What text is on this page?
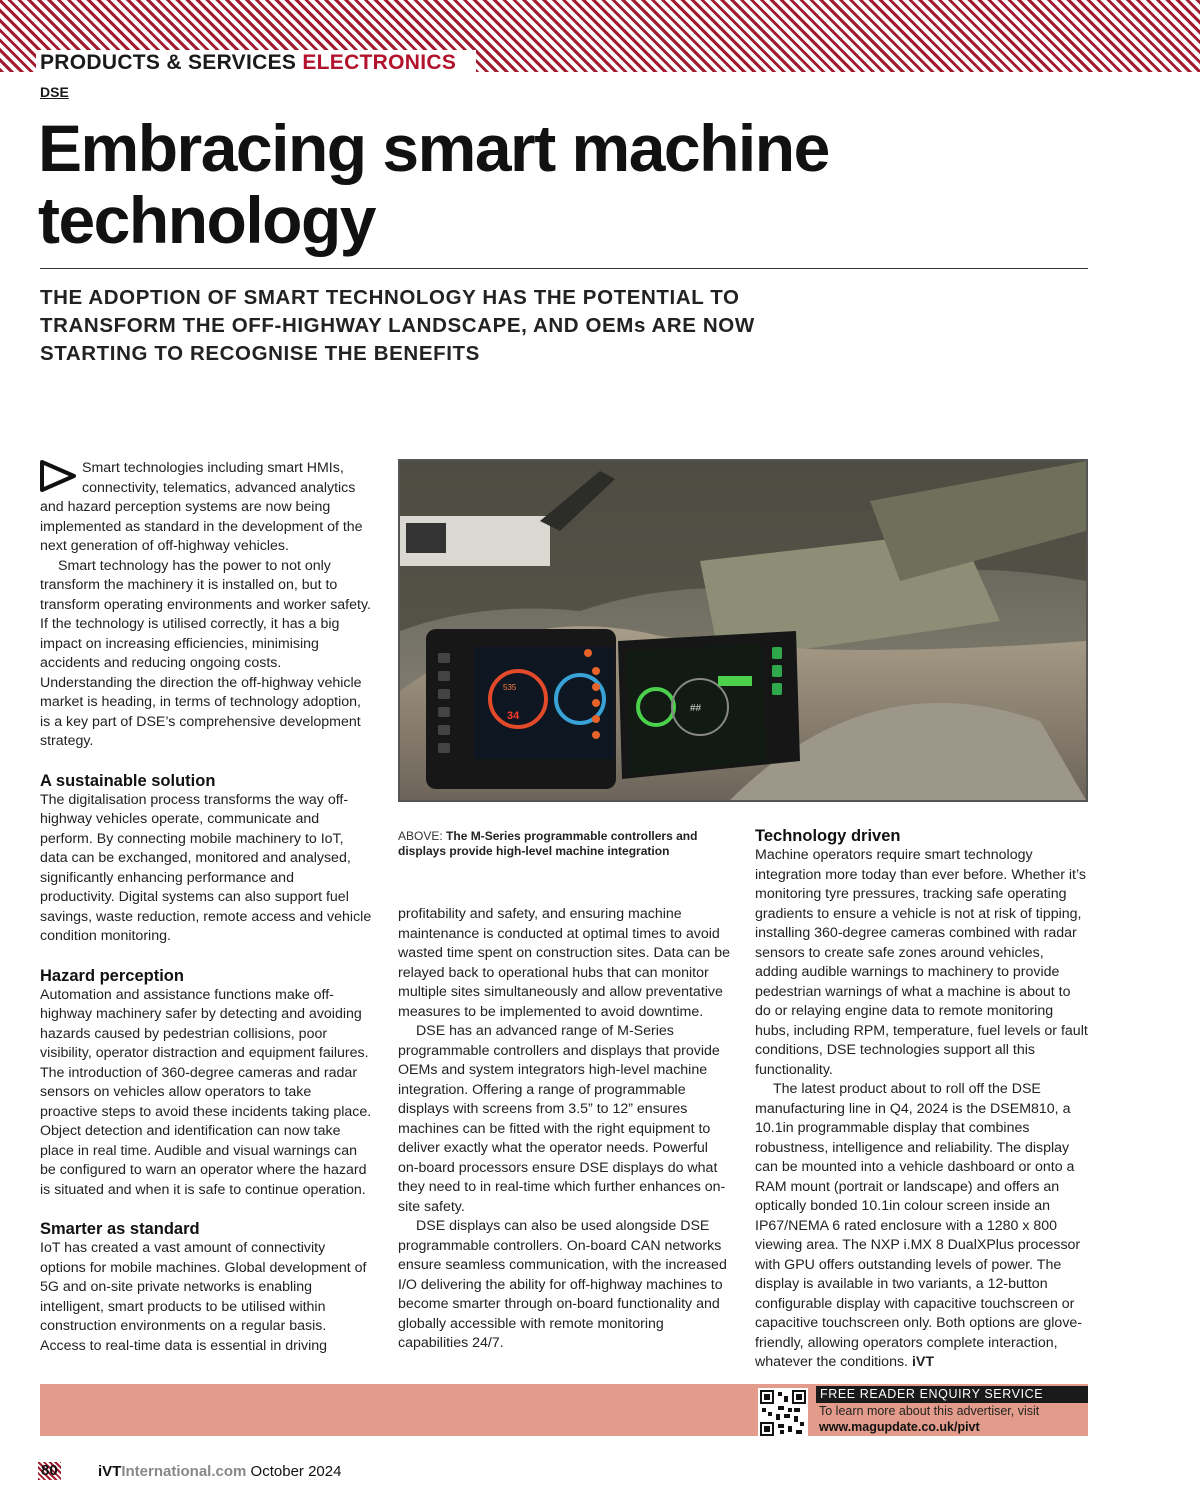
PRODUCTS & SERVICES ELECTRONICS
DSE
Embracing smart machine technology
THE ADOPTION OF SMART TECHNOLOGY HAS THE POTENTIAL TO TRANSFORM THE OFF-HIGHWAY LANDSCAPE, AND OEMs ARE NOW STARTING TO RECOGNISE THE BENEFITS

Smart technologies including smart HMIs, connectivity, telematics, advanced analytics and hazard perception systems are now being implemented as standard in the development of the next generation of off-highway vehicles.

Smart technology has the power to not only transform the machinery it is installed on, but to transform operating environments and worker safety. If the technology is utilised correctly, it has a big impact on increasing efficiencies, minimising accidents and reducing ongoing costs. Understanding the direction the off-highway vehicle market is heading, in terms of technology adoption, is a key part of DSE’s comprehensive development strategy.

A sustainable solution

The digitalisation process transforms the way off-highway vehicles operate, communicate and perform. By connecting mobile machinery to IoT, data can be exchanged, monitored and analysed, significantly enhancing performance and productivity. Digital systems can also support fuel savings, waste reduction, remote access and vehicle condition monitoring.

Hazard perception

Automation and assistance functions make off-highway machinery safer by detecting and avoiding hazards caused by pedestrian collisions, poor visibility, operator distraction and equipment failures. The introduction of 360-degree cameras and radar sensors on vehicles allow operators to take proactive steps to avoid these incidents taking place. Object detection and identification can now take place in real time. Audible and visual warnings can be configured to warn an operator where the hazard is situated and when it is safe to continue operation.

Smarter as standard

IoT has created a vast amount of connectivity options for mobile machines. Global development of 5G and on-site private networks is enabling intelligent, smart products to be utilised within construction environments on a regular basis. Access to real-time data is essential in driving

535
34
##
ABOVE: The M-Series programmable controllers and displays provide high-level machine integration

profitability and safety, and ensuring machine maintenance is conducted at optimal times to avoid wasted time spent on construction sites. Data can be relayed back to operational hubs that can monitor multiple sites simultaneously and allow preventative measures to be implemented to avoid downtime.

DSE has an advanced range of M-Series programmable controllers and displays that provide OEMs and system integrators high-level machine integration. Offering a range of programmable displays with screens from 3.5” to 12” ensures machines can be fitted with the right equipment to deliver exactly what the operator needs. Powerful on-board processors ensure DSE displays do what they need to in real-time which further enhances on-site safety.

DSE displays can also be used alongside DSE programmable controllers. On-board CAN networks ensure seamless communication, with the increased I/O delivering the ability for off-highway machines to become smarter through on-board functionality and globally accessible with remote monitoring capabilities 24/7.

Technology driven

Machine operators require smart technology integration more today than ever before. Whether it’s monitoring tyre pressures, tracking safe operating gradients to ensure a vehicle is not at risk of tipping, installing 360-degree cameras combined with radar sensors to create safe zones around vehicles, adding audible warnings to machinery to provide pedestrian warnings of what a machine is about to do or relaying engine data to remote monitoring hubs, including RPM, temperature, fuel levels or fault conditions, DSE technologies support all this functionality.

The latest product about to roll off the DSE manufacturing line in Q4, 2024 is the DSEM810, a 10.1in programmable display that combines robustness, intelligence and reliability. The display can be mounted into a vehicle dashboard or onto a RAM mount (portrait or landscape) and offers an optically bonded 10.1in colour screen inside an IP67/NEMA 6 rated enclosure with a 1280 x 800 viewing area. The NXP i.MX 8 DualXPlus processor with GPU offers outstanding levels of power. The display is available in two variants, a 12-button configurable display with capacitive touchscreen or capacitive touchscreen only. Both options are glove-friendly, allowing operators complete interaction, whatever the conditions. iVT

FREE READER ENQUIRY SERVICE
To learn more about this advertiser, visit
www.magupdate.co.uk/pivt
80	iVTInternational.com October 2024
